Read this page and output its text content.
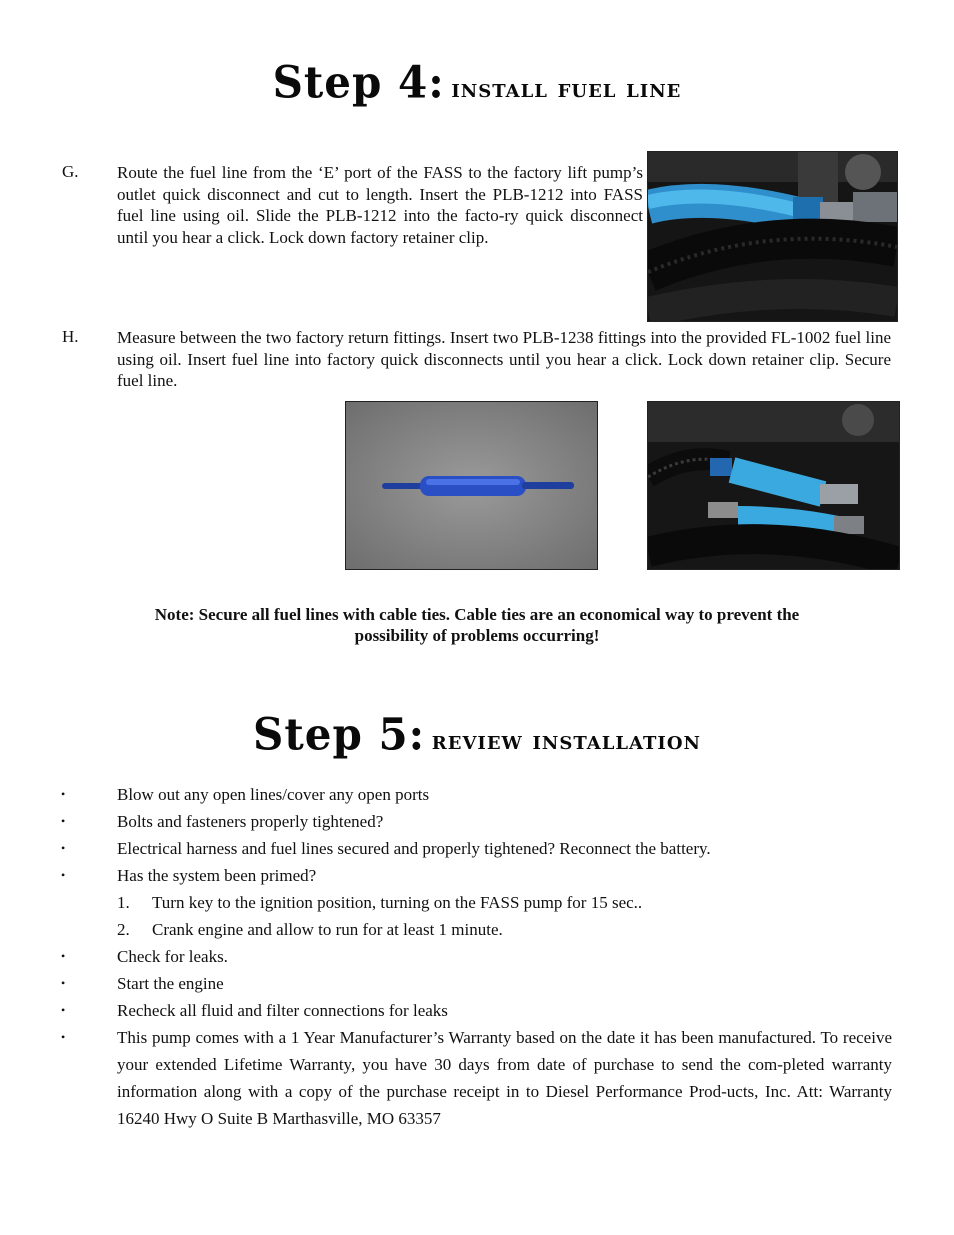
Step 4: install fuel line
G. Route the fuel line from the ‘E’ port of the FASS to the factory lift pump’s outlet quick disconnect and cut to length. Insert the PLB-1212 into FASS fuel line using oil. Slide the PLB-1212 into the facto-ry quick disconnect until you hear a click. Lock down factory retainer clip.
H. Measure between the two factory return fittings. Insert two PLB-1238 fittings into the provided FL-1002 fuel line using oil. Insert fuel line into factory quick disconnects until you hear a click. Lock down retainer clip. Secure fuel line.
Note: Secure all fuel lines with cable ties. Cable ties are an economical way to prevent the
possibility of problems occurring!
Step 5: review installation
•	Blow out any open lines/cover any open ports
•	Bolts and fasteners properly tightened?
•	Electrical harness and fuel lines secured and properly tightened? Reconnect the battery.
•	Has the system been primed?
1. Turn key to the ignition position, turning on the FASS pump for 15 sec..
2. Crank engine and allow to run for at least 1 minute.
•	Check for leaks.
•	Start the engine
•	Recheck all fluid and filter connections for leaks
•	This pump comes with a 1 Year Manufacturer’s Warranty based on the date it has been manufactured. To receive your extended Lifetime Warranty, you have 30 days from date of purchase to send the com-pleted warranty information along with a copy of the purchase receipt in to Diesel Performance Prod-ucts, Inc. Att: Warranty 16240 Hwy O Suite B Marthasville, MO 63357
